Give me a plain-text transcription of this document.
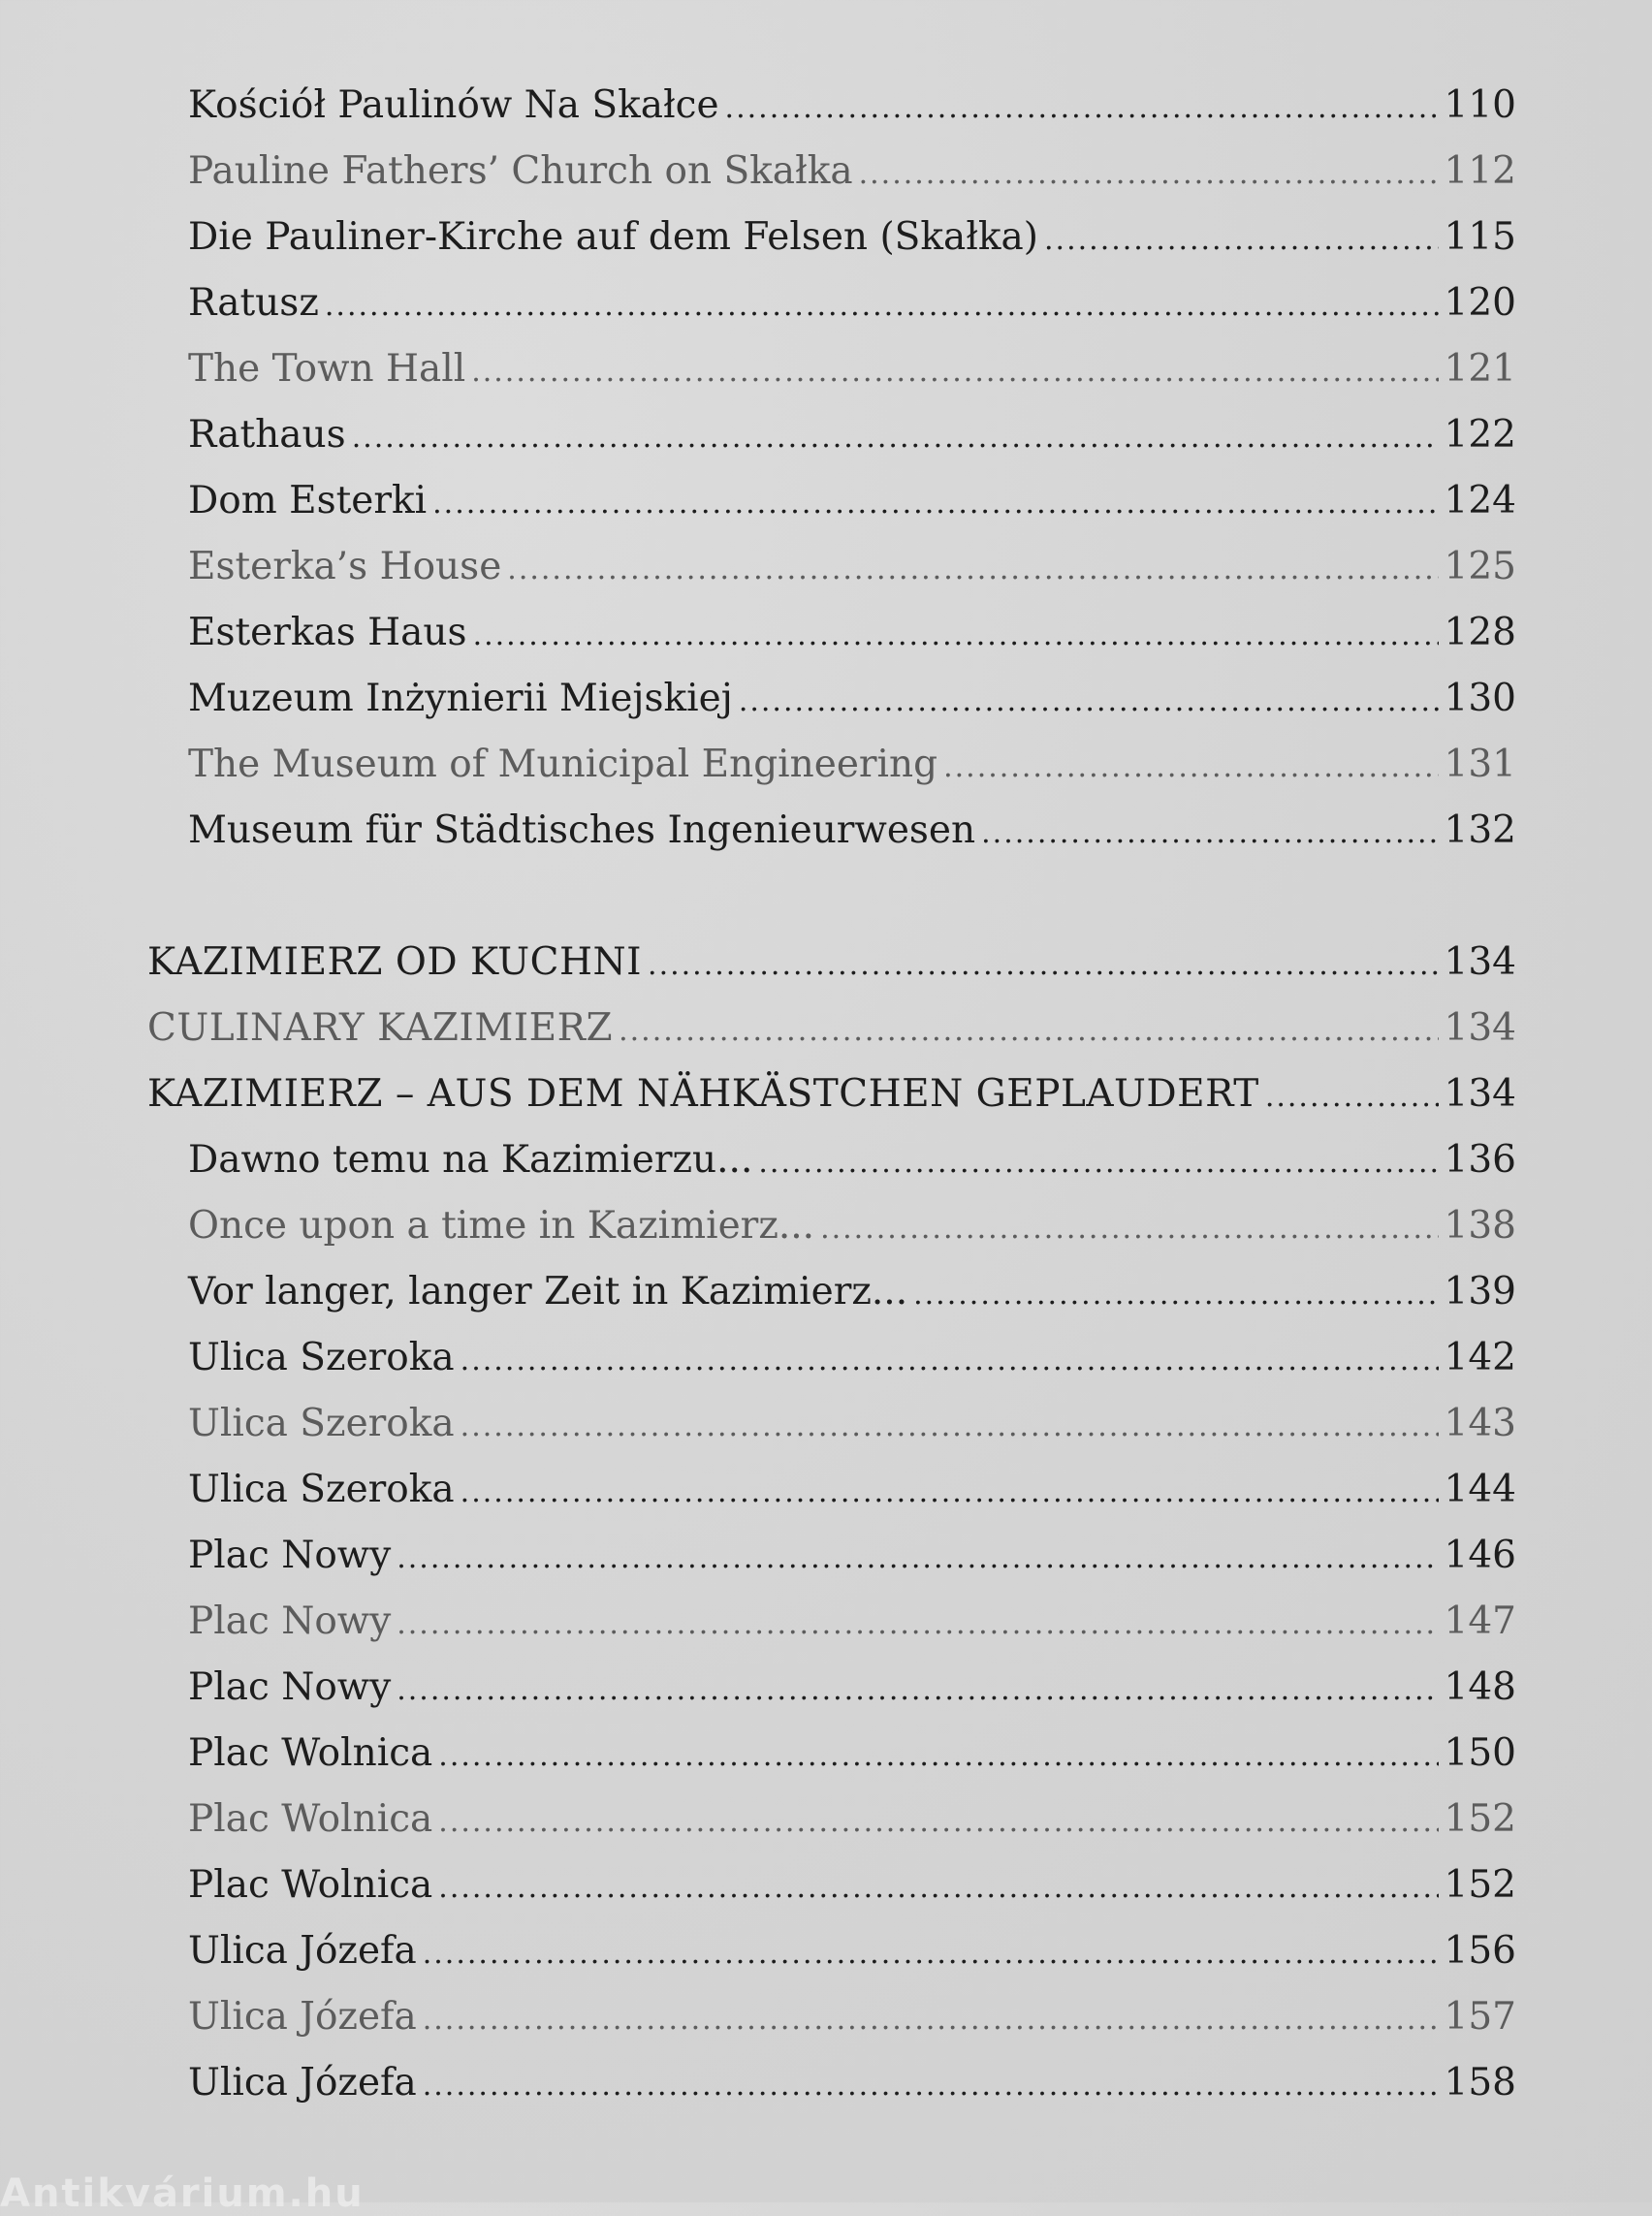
Kościół Paulinów Na Skałce .....	110
Pauline Fathers’ Church on Skałka .....	112
Die Pauliner-Kirche auf dem Felsen (Skałka) .....	115
Ratusz .....	120
The Town Hall .....	121
Rathaus .....	122
Dom Esterki .....	124
Esterka’s House .....	125
Esterkas Haus .....	128
Muzeum Inżynierii Miejskiej .....	130
The Museum of Municipal Engineering .....	131
Museum für Städtisches Ingenieurwesen .....	132
KAZIMIERZ OD KUCHNI .....	134
CULINARY KAZIMIERZ .....	134
KAZIMIERZ – AUS DEM NÄHKÄSTCHEN GEPLAUDERT .....	134
Dawno temu na Kazimierzu... .....	136
Once upon a time in Kazimierz... .....	138
Vor langer, langer Zeit in Kazimierz... .....	139
Ulica Szeroka .....	142
Ulica Szeroka .....	143
Ulica Szeroka .....	144
Plac Nowy .....	146
Plac Nowy .....	147
Plac Nowy .....	148
Plac Wolnica .....	150
Plac Wolnica .....	152
Plac Wolnica .....	152
Ulica Józefa .....	156
Ulica Józefa .....	157
Ulica Józefa .....	158
Antikvárium.hu
